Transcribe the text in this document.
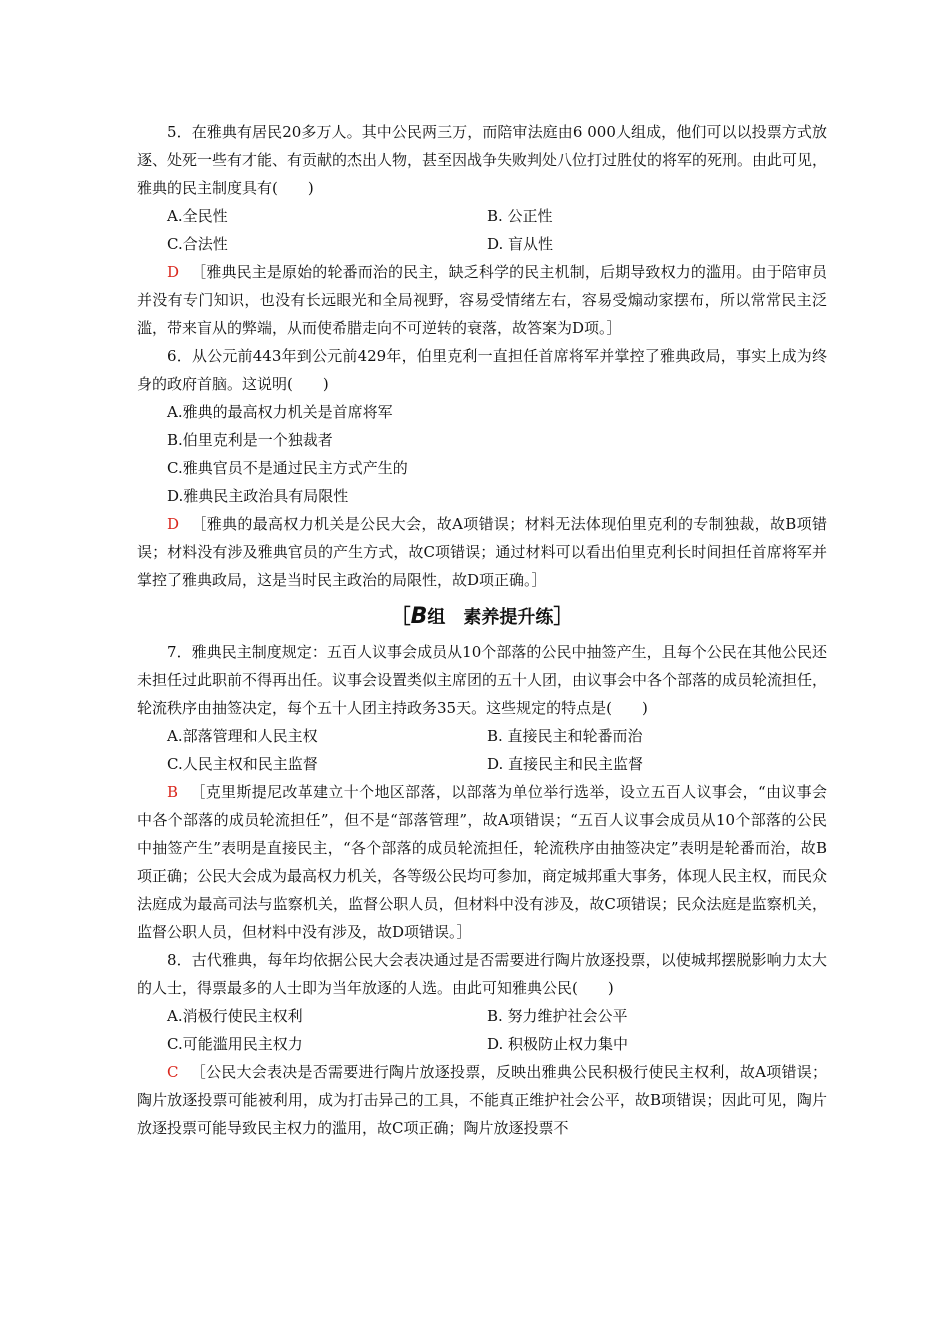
5．在雅典有居民20多万人。其中公民两三万，而陪审法庭由6 000人组成，他们可以以投票方式放逐、处死一些有才能、有贡献的杰出人物，甚至因战争失败判处八位打过胜仗的将军的死刑。由此可见，雅典的民主制度具有(　　)

A.全民性	B. 公正性
C.合法性	D. 盲从性

D ［雅典民主是原始的轮番而治的民主，缺乏科学的民主机制，后期导致权力的滥用。由于陪审员并没有专门知识，也没有长远眼光和全局视野，容易受情绪左右，容易受煽动家摆布，所以常常民主泛滥，带来盲从的弊端，从而使希腊走向不可逆转的衰落，故答案为D项。］

6．从公元前443年到公元前429年，伯里克利一直担任首席将军并掌控了雅典政局，事实上成为终身的政府首脑。这说明(　　)

A.雅典的最高权力机关是首席将军
B.伯里克利是一个独裁者
C.雅典官员不是通过民主方式产生的
D.雅典民主政治具有局限性

D ［雅典的最高权力机关是公民大会，故A项错误；材料无法体现伯里克利的专制独裁，故B项错误；材料没有涉及雅典官员的产生方式，故C项错误；通过材料可以看出伯里克利长时间担任首席将军并掌控了雅典政局，这是当时民主政治的局限性，故D项正确。］

［B组　素养提升练］

7．雅典民主制度规定：五百人议事会成员从10个部落的公民中抽签产生，且每个公民在其他公民还未担任过此职前不得再出任。议事会设置类似主席团的五十人团，由议事会中各个部落的成员轮流担任，轮流秩序由抽签决定，每个五十人团主持政务35天。这些规定的特点是(　　)

A.部落管理和人民主权	B. 直接民主和轮番而治
C.人民主权和民主监督	D. 直接民主和民主监督

B ［克里斯提尼改革建立十个地区部落，以部落为单位举行选举，设立五百人议事会，“由议事会中各个部落的成员轮流担任”，但不是“部落管理”，故A项错误；“五百人议事会成员从10个部落的公民中抽签产生”表明是直接民主，“各个部落的成员轮流担任，轮流秩序由抽签决定”表明是轮番而治，故B项正确；公民大会成为最高权力机关，各等级公民均可参加，商定城邦重大事务，体现人民主权，而民众法庭成为最高司法与监察机关，监督公职人员，但材料中没有涉及，故C项错误；民众法庭是监察机关，监督公职人员，但材料中没有涉及，故D项错误。］

8．古代雅典，每年均依据公民大会表决通过是否需要进行陶片放逐投票，以使城邦摆脱影响力太大的人士，得票最多的人士即为当年放逐的人选。由此可知雅典公民(　　)

A.消极行使民主权利	B. 努力维护社会公平
C.可能滥用民主权力	D. 积极防止权力集中

C ［公民大会表决是否需要进行陶片放逐投票，反映出雅典公民积极行使民主权利，故A项错误；陶片放逐投票可能被利用，成为打击异己的工具，不能真正维护社会公平，故B项错误；因此可见，陶片放逐投票可能导致民主权力的滥用，故C项正确；陶片放逐投票不
